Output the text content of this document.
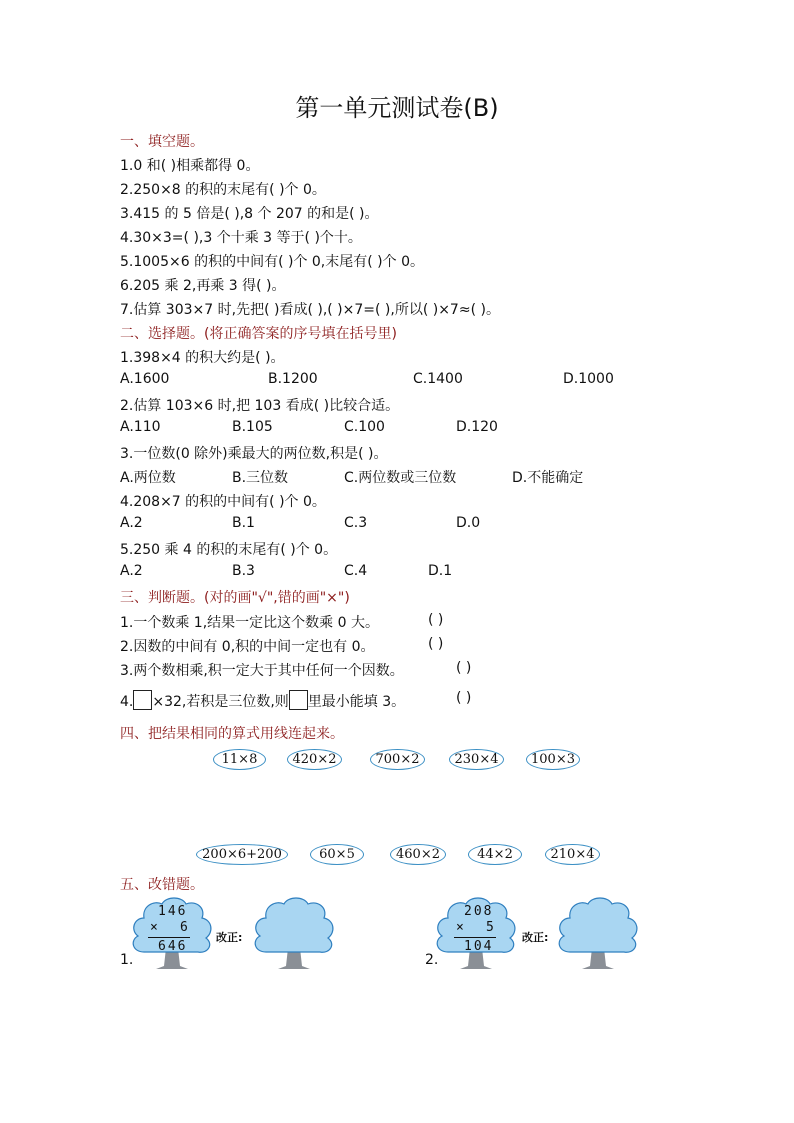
第一单元测试卷(B)
一、填空题。
1.0 和( )相乘都得 0。
2.250×8 的积的末尾有( )个 0。
3.415 的 5 倍是( ),8 个 207 的和是( )。
4.30×3=( ),3 个十乘 3 等于( )个十。
5.1005×6 的积的中间有( )个 0,末尾有( )个 0。
6.205 乘 2,再乘 3 得( )。
7.估算 303×7 时,先把( )看成( ),( )×7=( ),所以( )×7≈( )。
二、选择题。(将正确答案的序号填在括号里)
1.398×4 的积大约是( )。
A.1600	B.1200	C.1400	D.1000
2.估算 103×6 时,把 103 看成( )比较合适。
A.110	B.105	C.100	D.120
3.一位数(0 除外)乘最大的两位数,积是( )。
A.两位数	B.三位数	C.两位数或三位数	D.不能确定
4.208×7 的积的中间有( )个 0。
A.2	B.1	C.3	D.0
5.250 乘 4 的积的末尾有( )个 0。
A.2	B.3	C.4	D.1
三、判断题。(对的画"√",错的画"×")
1.一个数乘 1,结果一定比这个数乘 0 大。	( )
2.因数的中间有 0,积的中间一定也有 0。	( )
3.两个数相乘,积一定大于其中任何一个因数。	( )
4. ×32,若积是三位数,则 里最小能填 3。	( )
四、把结果相同的算式用线连起来。
11×8	420×2	700×2	230×4	100×3
200×6+200	60×5	460×2	44×2	210×4
五、改错题。
1.
146
× 6
646
改正:
2.
208
× 5
104
改正:
